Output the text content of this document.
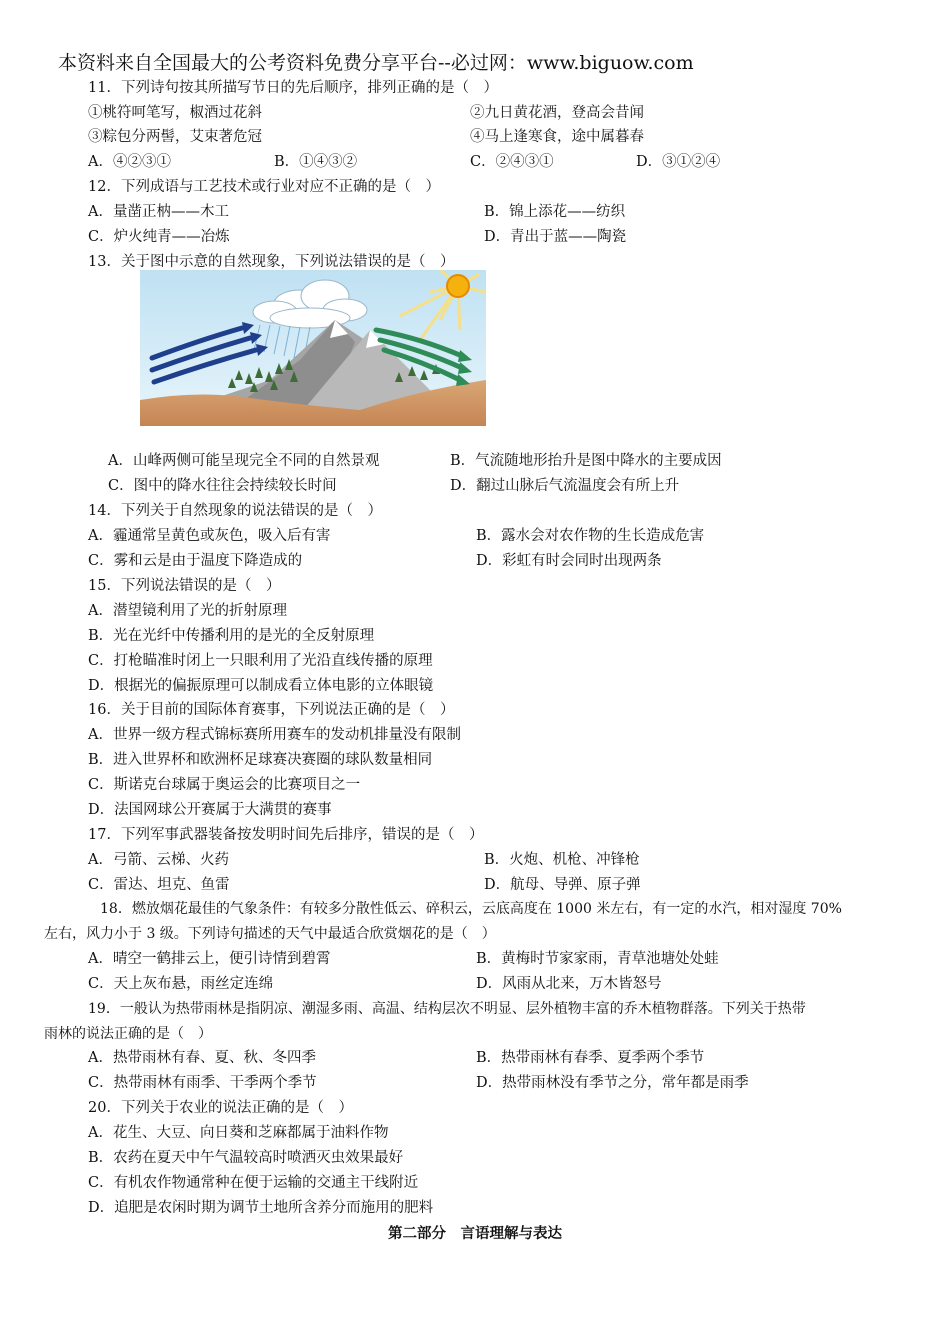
本资料来自全国最大的公考资料免费分享平台--必过网：www.biguow.com
11．下列诗句按其所描写节日的先后顺序，排列正确的是（　）
①桃符呵笔写，椒酒过花斜	②九日黄花酒，登高会昔闻
③粽包分两髻，艾束著危冠	④马上逢寒食，途中属暮春
A．④②③①	B．①④③②	C．②④③①	D．③①②④
12．下列成语与工艺技术或行业对应不正确的是（　）
A．量凿正枘——木工	B．锦上添花——纺织
C．炉火纯青——冶炼	D．青出于蓝——陶瓷
13．关于图中示意的自然现象，下列说法错误的是（　）
A．山峰两侧可能呈现完全不同的自然景观	B．气流随地形抬升是图中降水的主要成因
C．图中的降水往往会持续较长时间	D．翻过山脉后气流温度会有所上升
14．下列关于自然现象的说法错误的是（　）
A．霾通常呈黄色或灰色，吸入后有害	B．露水会对农作物的生长造成危害
C．雾和云是由于温度下降造成的	D．彩虹有时会同时出现两条
15．下列说法错误的是（　）
A．潜望镜利用了光的折射原理
B．光在光纤中传播利用的是光的全反射原理
C．打枪瞄准时闭上一只眼利用了光沿直线传播的原理
D．根据光的偏振原理可以制成看立体电影的立体眼镜
16．关于目前的国际体育赛事，下列说法正确的是（　）
A．世界一级方程式锦标赛所用赛车的发动机排量没有限制
B．进入世界杯和欧洲杯足球赛决赛圈的球队数量相同
C．斯诺克台球属于奥运会的比赛项目之一
D．法国网球公开赛属于大满贯的赛事
17．下列军事武器装备按发明时间先后排序，错误的是（　）
A．弓箭、云梯、火药	B．火炮、机枪、冲锋枪
C．雷达、坦克、鱼雷	D．航母、导弹、原子弹
18．燃放烟花最佳的气象条件：有较多分散性低云、碎积云，云底高度在 1000 米左右，有一定的水汽，相对湿度 70%
左右，风力小于 3 级。下列诗句描述的天气中最适合欣赏烟花的是（　）
A．晴空一鹤排云上，便引诗情到碧霄	B．黄梅时节家家雨，青草池塘处处蛙
C．天上灰布悬，雨丝定连绵	D．风雨从北来，万木皆怒号
19．一般认为热带雨林是指阴凉、潮湿多雨、高温、结构层次不明显、层外植物丰富的乔木植物群落。下列关于热带
雨林的说法正确的是（　）
A．热带雨林有春、夏、秋、冬四季	B．热带雨林有春季、夏季两个季节
C．热带雨林有雨季、干季两个季节	D．热带雨林没有季节之分，常年都是雨季
20．下列关于农业的说法正确的是（　）
A．花生、大豆、向日葵和芝麻都属于油料作物
B．农药在夏天中午气温较高时喷洒灭虫效果最好
C．有机农作物通常种在便于运输的交通主干线附近
D．追肥是农闲时期为调节土地所含养分而施用的肥料
第二部分　言语理解与表达
